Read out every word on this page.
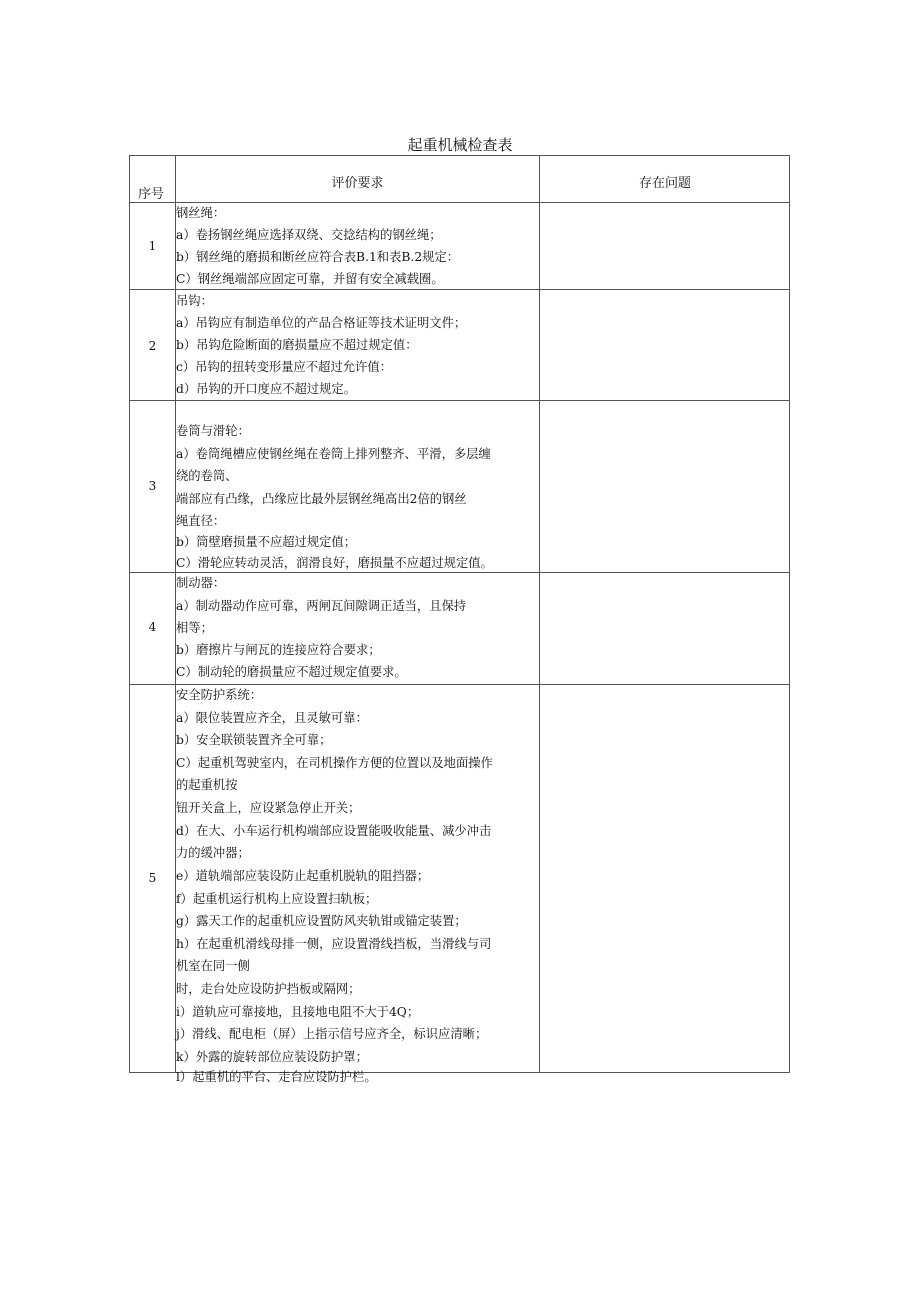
起重机械检查表
序号
评价要求	存在问题
1
钢丝绳：
a）卷扬钢丝绳应选择双绕、交捻结构的钢丝绳；
b）钢丝绳的磨损和断丝应符合表B.1和表B.2规定：
C）钢丝绳端部应固定可靠，并留有安全减载圈。
2
吊钩：
a）吊钩应有制造单位的产品合格证等技术证明文件；
b）吊钩危险断面的磨损量应不超过规定值：
c）吊钩的扭转变形量应不超过允许值：
d）吊钩的开口度应不超过规定。
3
卷筒与滑轮：
a）卷筒绳槽应使钢丝绳在卷筒上排列整齐、平滑，多层缠
绕的卷筒、
端部应有凸缘，凸缘应比最外层钢丝绳高出2倍的钢丝
绳直径：
b）筒壁磨损量不应超过规定值；
C）滑轮应转动灵活，润滑良好，磨损量不应超过规定值。
4
制动器：
a）制动器动作应可靠，两闸瓦间隙调正适当，且保持
相等；
b）磨擦片与闸瓦的连接应符合要求；
C）制动轮的磨损量应不超过规定值要求。
5
安全防护系统：
a）限位装置应齐全，且灵敏可靠：
b）安全联锁装置齐全可靠；
C）起重机驾驶室内，在司机操作方便的位置以及地面操作
的起重机按
钮开关盒上，应设紧急停止开关；
d）在大、小车运行机构端部应设置能吸收能量、减少冲击
力的缓冲器；
e）道轨端部应装设防止起重机脱轨的阻挡器；
f）起重机运行机构上应设置扫轨板；
g）露天工作的起重机应设置防风夹轨钳或锚定装置；
h）在起重机滑线母排一侧，应设置滑线挡板，当滑线与司
机室在同一侧
时，走台处应设防护挡板或隔网；
i）道轨应可靠接地，且接地电阻不大于4Q；
j）滑线、配电柜（屏）上指示信号应齐全，标识应清晰；
k）外露的旋转部位应装设防护罩；
l）起重机的平台、走台应设防护栏。
